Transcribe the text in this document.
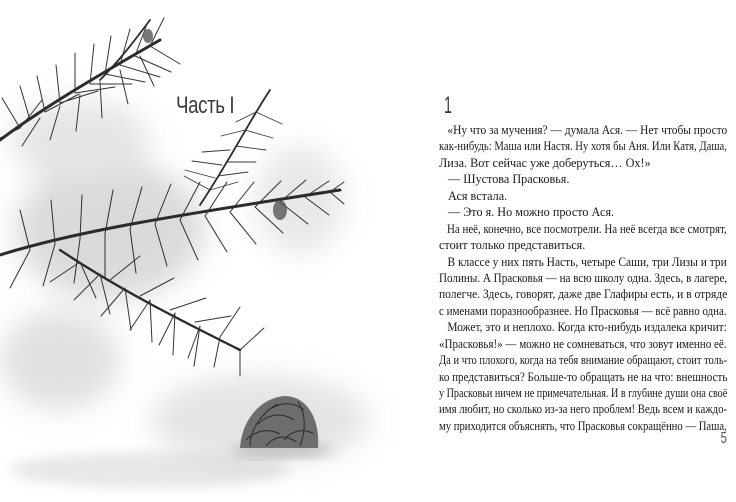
Часть I	1
«Ну что за мучения? — думала Ася. — Нет чтобы просто
как-нибудь: Маша или Настя. Ну хотя бы Аня. Или Катя, Даша,
Лиза. Вот сейчас уже доберуться… Ох!»
— Шустова Прасковья.
Ася встала.
— Это я. Но можно просто Ася.
На неё, конечно, все посмотрели. На неё всегда все смотрят,
стоит только представиться.
В классе у них пять Насть, четыре Саши, три Лизы и три
Полины. А Прасковья — на всю школу одна. Здесь, в лагере,
полегче. Здесь, говорят, даже две Глафиры есть, и в отряде
с именами поразнообразнее. Но Прасковья — всё равно одна.
Может, это и неплохо. Когда кто-нибудь издалека кричит:
«Прасковья!» — можно не сомневаться, что зовут именно её.
Да и что плохого, когда на тебя внимание обращают, стоит толь-
ко представиться? Больше-то обращать не на что: внешность
у Прасковьи ничем не примечательная. И в глубине души она своё
имя любит, но сколько из-за него проблем! Ведь всем и каждо-
му приходится объяснять, что Прасковья сокращённо — Паша,
5
